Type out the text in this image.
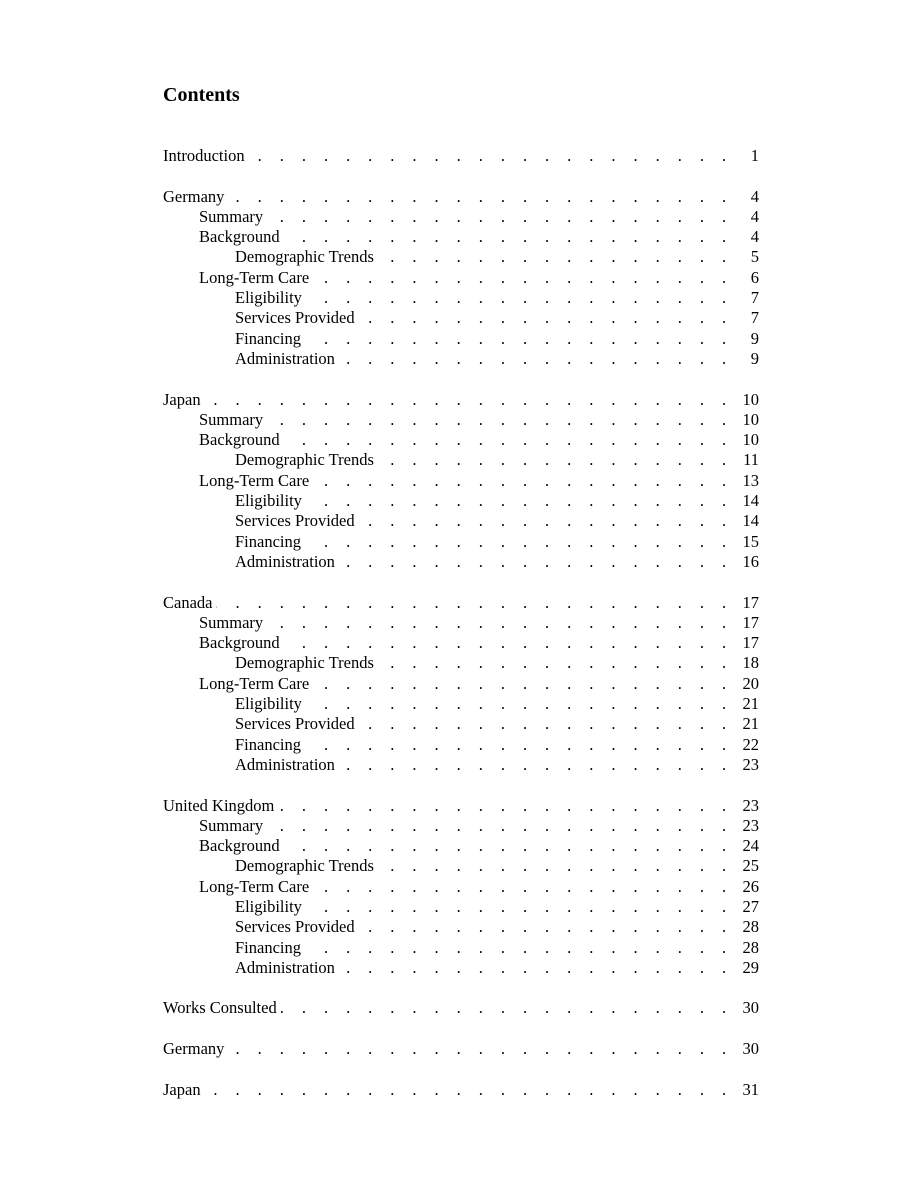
Contents
Introduction . . .	1
Germany . . .	4
Summary . . .	4
Background . . .	4
Demographic Trends . . .	5
Long-Term Care . . .	6
Eligibility . . .	7
Services Provided . . .	7
Financing . . .	9
Administration . . .	9
Japan . . .	10
Summary . . .	10
Background . . .	10
Demographic Trends . . .	11
Long-Term Care . . .	13
Eligibility . . .	14
Services Provided . . .	14
Financing . . .	15
Administration . . .	16
Canada . . .	17
Summary . . .	17
Background . . .	17
Demographic Trends . . .	18
Long-Term Care . . .	20
Eligibility . . .	21
Services Provided . . .	21
Financing . . .	22
Administration . . .	23
United Kingdom . . .	23
Summary . . .	23
Background . . .	24
Demographic Trends . . .	25
Long-Term Care . . .	26
Eligibility . . .	27
Services Provided . . .	28
Financing . . .	28
Administration . . .	29
Works Consulted . . .	30
Germany . . .	30
Japan . . .	31
